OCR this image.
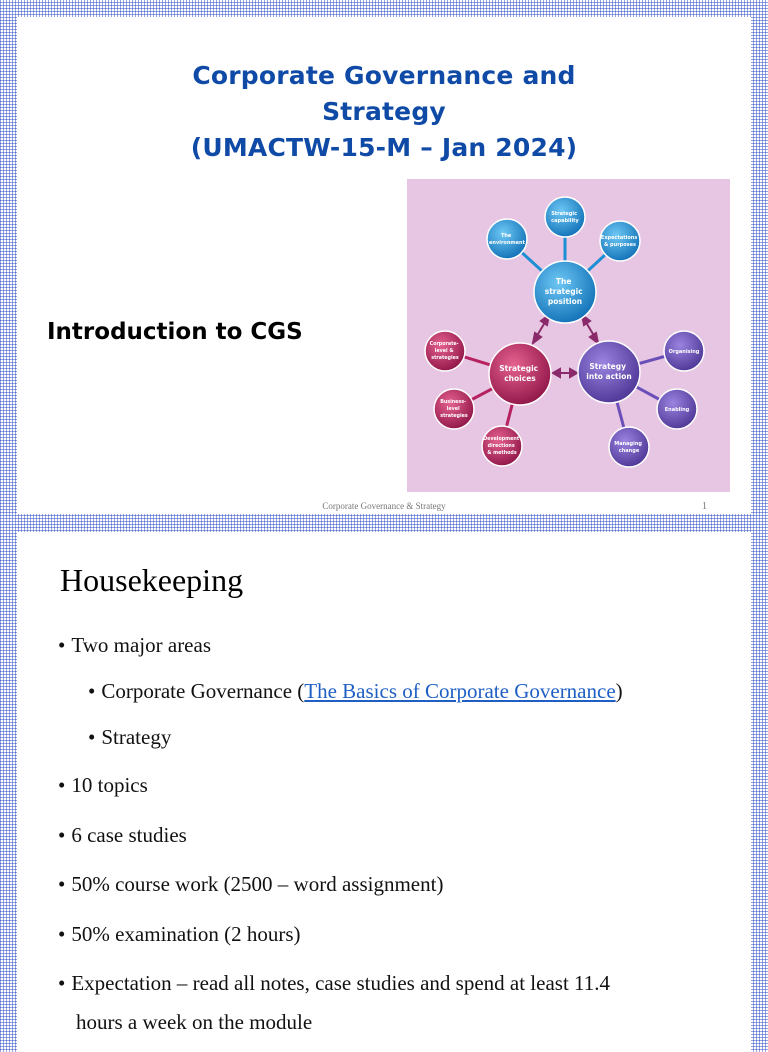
Corporate Governance and
Strategy
(UMACTW-15-M – Jan 2024)
Introduction to CGS
The strategic position
The environment
Strategic capability
Expectations & purposes
Strategic choices
Corporate- level & strategies
Business- level strategies
Development directions & methods
Strategy into action
Organising
Enabling
Managing change
Corporate Governance & Strategy	1
Housekeeping
• Two major areas
• Corporate Governance (The Basics of Corporate Governance)
• Strategy
• 10 topics
• 6 case studies
• 50% course work (2500 – word assignment)
• 50% examination (2 hours)
• Expectation – read all notes, case studies and spend at least 11.4
hours a week on the module
